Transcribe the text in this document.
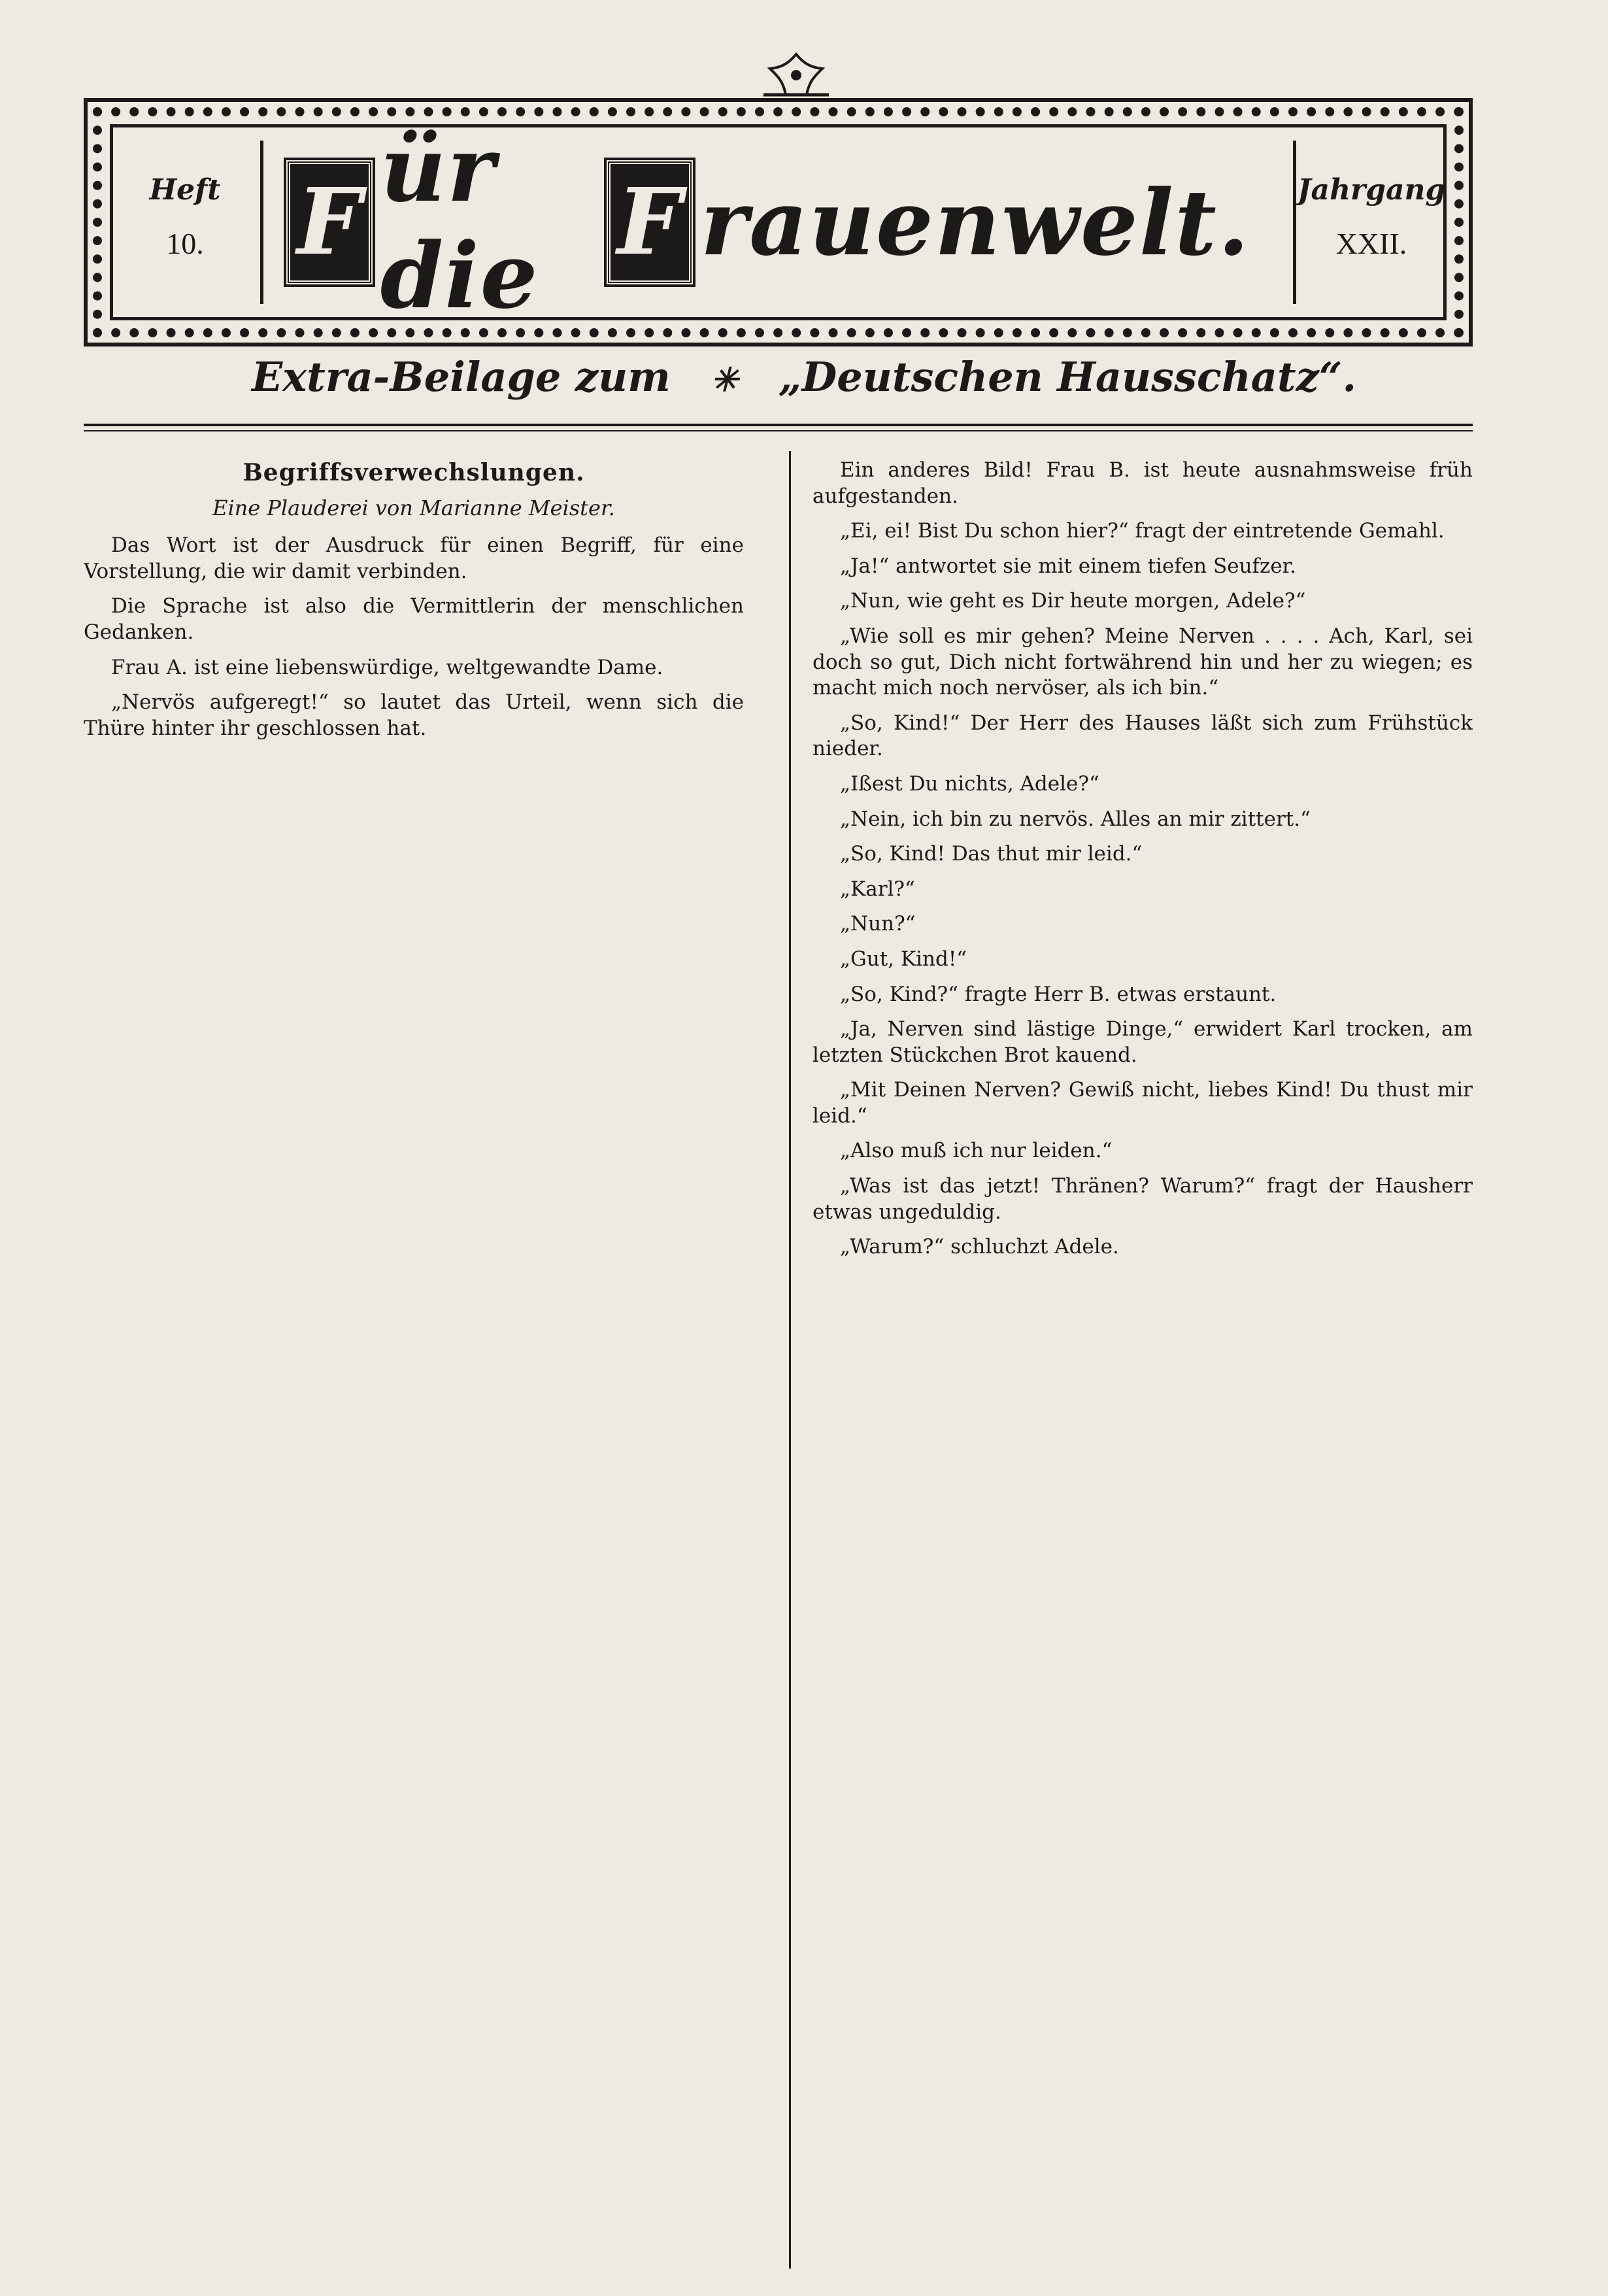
Heft
10.	F ür die F rauenwelt. Jahrgang
XXII.
Extra-Beilage zum ✳ „Deutschen Hausschatz“.
Begriffsverwechslungen.
Eine Plauderei von Marianne Meister.

Das Wort ist der Ausdruck für einen Begriff, für eine Vorstellung, die wir damit verbinden.

Die Sprache ist also die Vermittlerin der menschlichen Gedanken.

Frau A. ist eine liebenswürdige, weltgewandte Dame.

„Nervös aufgeregt!“ so lautet das Urteil, wenn sich die Thüre hinter ihr geschlossen hat.

Ein anderes Bild! Frau B. ist heute ausnahmsweise früh aufgestanden.

„Ei, ei! Bist Du schon hier?“ fragt der eintretende Gemahl.

„Ja!“ antwortet sie mit einem tiefen Seufzer.

„Nun, wie geht es Dir heute morgen, Adele?“

„Wie soll es mir gehen? Meine Nerven . . . . Ach, Karl, sei doch so gut, Dich nicht fortwährend hin und her zu wiegen; es macht mich noch nervöser, als ich bin.“

„So, Kind!“ Der Herr des Hauses läßt sich zum Frühstück nieder.

„Ißest Du nichts, Adele?“

„Nein, ich bin zu nervös. Alles an mir zittert.“

„So, Kind! Das thut mir leid.“

„Karl?“

„Nun?“

„Gut, Kind!“

„So, Kind?“ fragte Herr B. etwas erstaunt.

„Ja, Nerven sind lästige Dinge,“ erwidert Karl trocken, am letzten Stückchen Brot kauend.

„Mit Deinen Nerven? Gewiß nicht, liebes Kind! Du thust mir leid.“

„Also muß ich nur leiden.“

„Was ist das jetzt! Thränen? Warum?“ fragt der Hausherr etwas ungeduldig.

„Warum?“ schluchzt Adele.
